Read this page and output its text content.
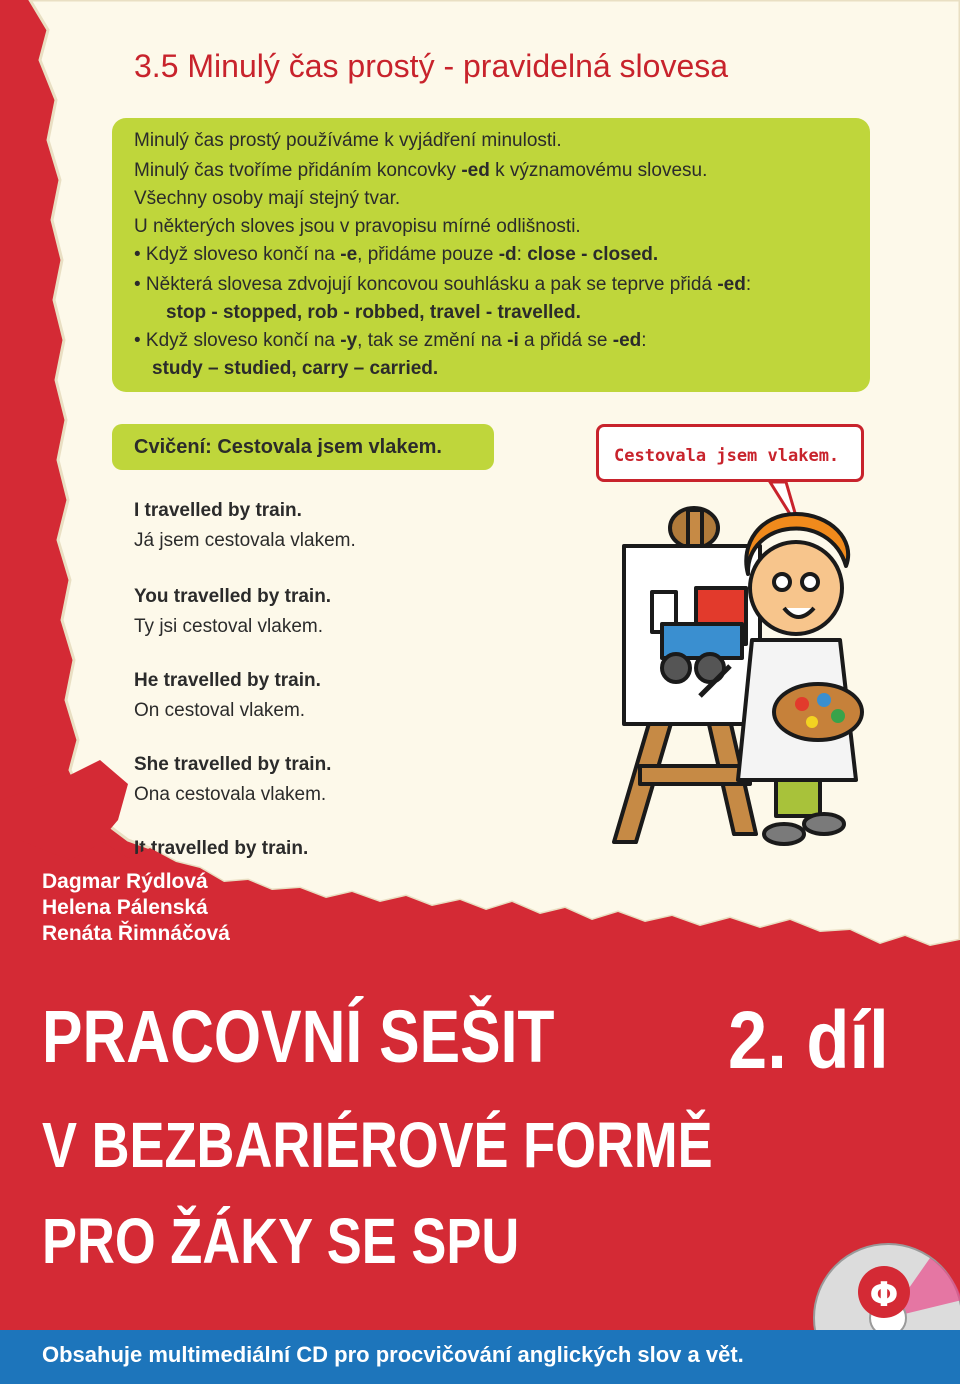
3.5 Minulý čas prostý - pravidelná slovesa
Minulý čas prostý používáme k vyjádření minulosti.
Minulý čas tvoříme přidáním koncovky -ed k významovému slovesu.
Všechny osoby mají stejný tvar.
U některých sloves jsou v pravopisu mírné odlišnosti.
• Když sloveso končí na -e, přidáme pouze -d: close - closed.
• Některá slovesa zdvojují koncovou souhlásku a pak se teprve přidá -ed:
stop - stopped, rob - robbed, travel - travelled.
• Když sloveso končí na -y, tak se změní na -i a přidá se -ed:
study – studied, carry – carried.
Cvičení: Cestovala jsem vlakem.	Cestovala jsem vlakem.
I travelled by train.
Já jsem cestovala vlakem.
You travelled by train.
Ty jsi cestoval vlakem.
He travelled by train.
On cestoval vlakem.
She travelled by train.
Ona cestovala vlakem.
It travelled by train.
Φ
Dagmar Rýdlová
Helena Pálenská
Renáta Řimnáčová
PRACOVNÍ SEŠIT 2. díl
V BEZBARIÉROVÉ FORMĚ
PRO ŽÁKY SE SPU
Obsahuje multimediální CD pro procvičování anglických slov a vět.
